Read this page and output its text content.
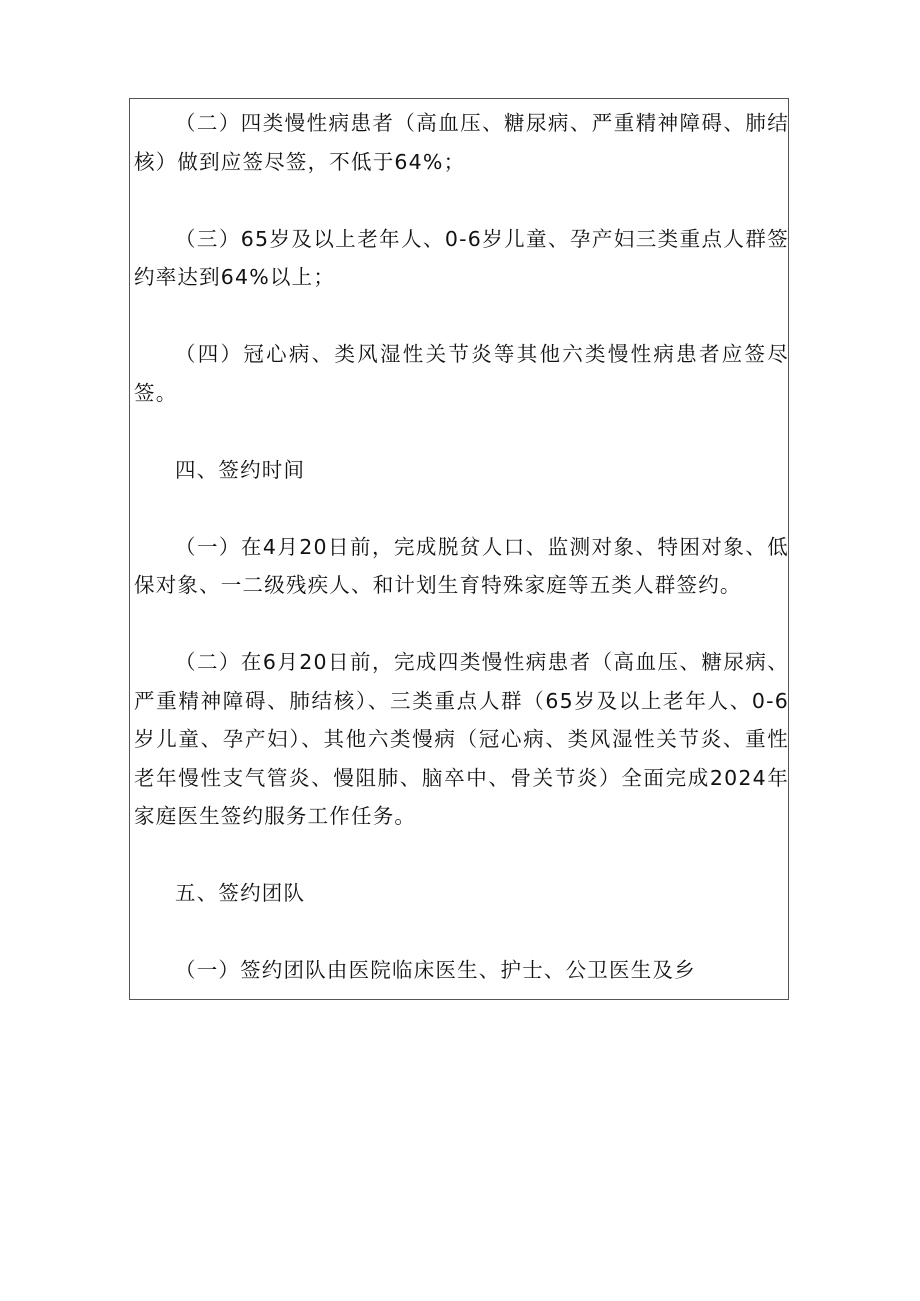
（二）四类慢性病患者（高血压、糖尿病、严重精神障碍、肺结核）做到应签尽签，不低于64%；

（三）65岁及以上老年人、0-6岁儿童、孕产妇三类重点人群签约率达到64%以上；

（四）冠心病、类风湿性关节炎等其他六类慢性病患者应签尽签。

四、签约时间

（一）在4月20日前，完成脱贫人口、监测对象、特困对象、低保对象、一二级残疾人、和计划生育特殊家庭等五类人群签约。

（二）在6月20日前，完成四类慢性病患者（高血压、糖尿病、严重精神障碍、肺结核）、三类重点人群（65岁及以上老年人、0-6岁儿童、孕产妇）、其他六类慢病（冠心病、类风湿性关节炎、重性老年慢性支气管炎、慢阻肺、脑卒中、骨关节炎）全面完成2024年家庭医生签约服务工作任务。

五、签约团队

（一）签约团队由医院临床医生、护士、公卫医生及乡
